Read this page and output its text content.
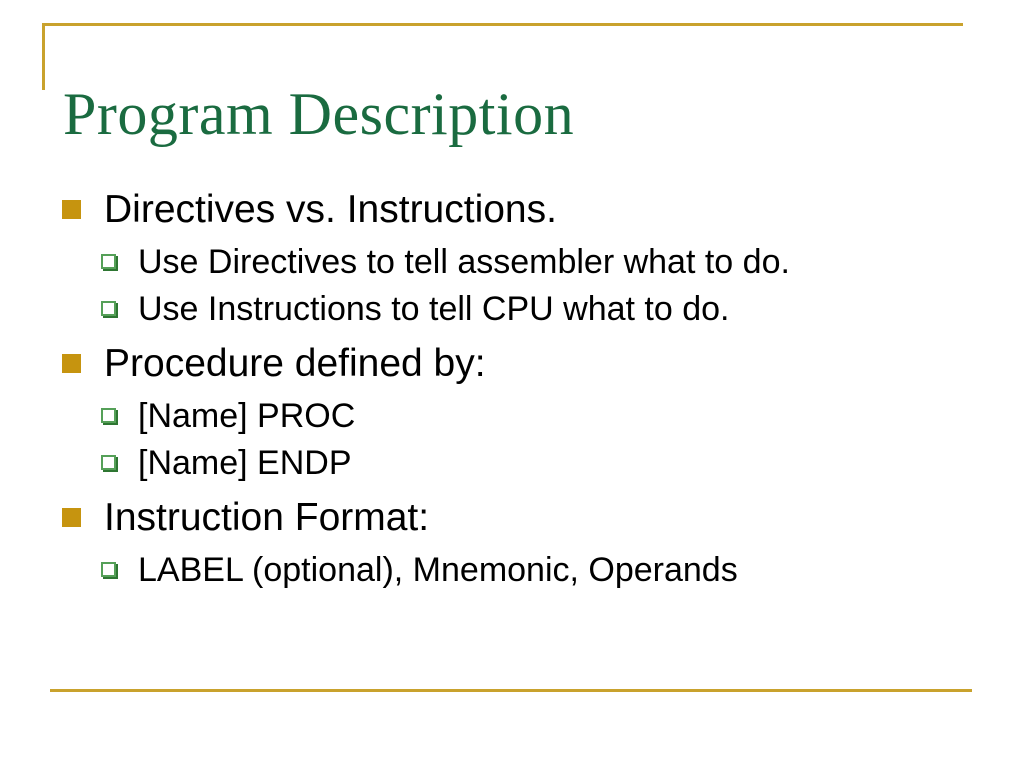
Program Description
Directives vs. Instructions.
Use Directives to tell assembler what to do.
Use Instructions to tell CPU what to do.
Procedure defined by:
[Name] PROC
[Name] ENDP
Instruction Format:
LABEL (optional), Mnemonic, Operands
